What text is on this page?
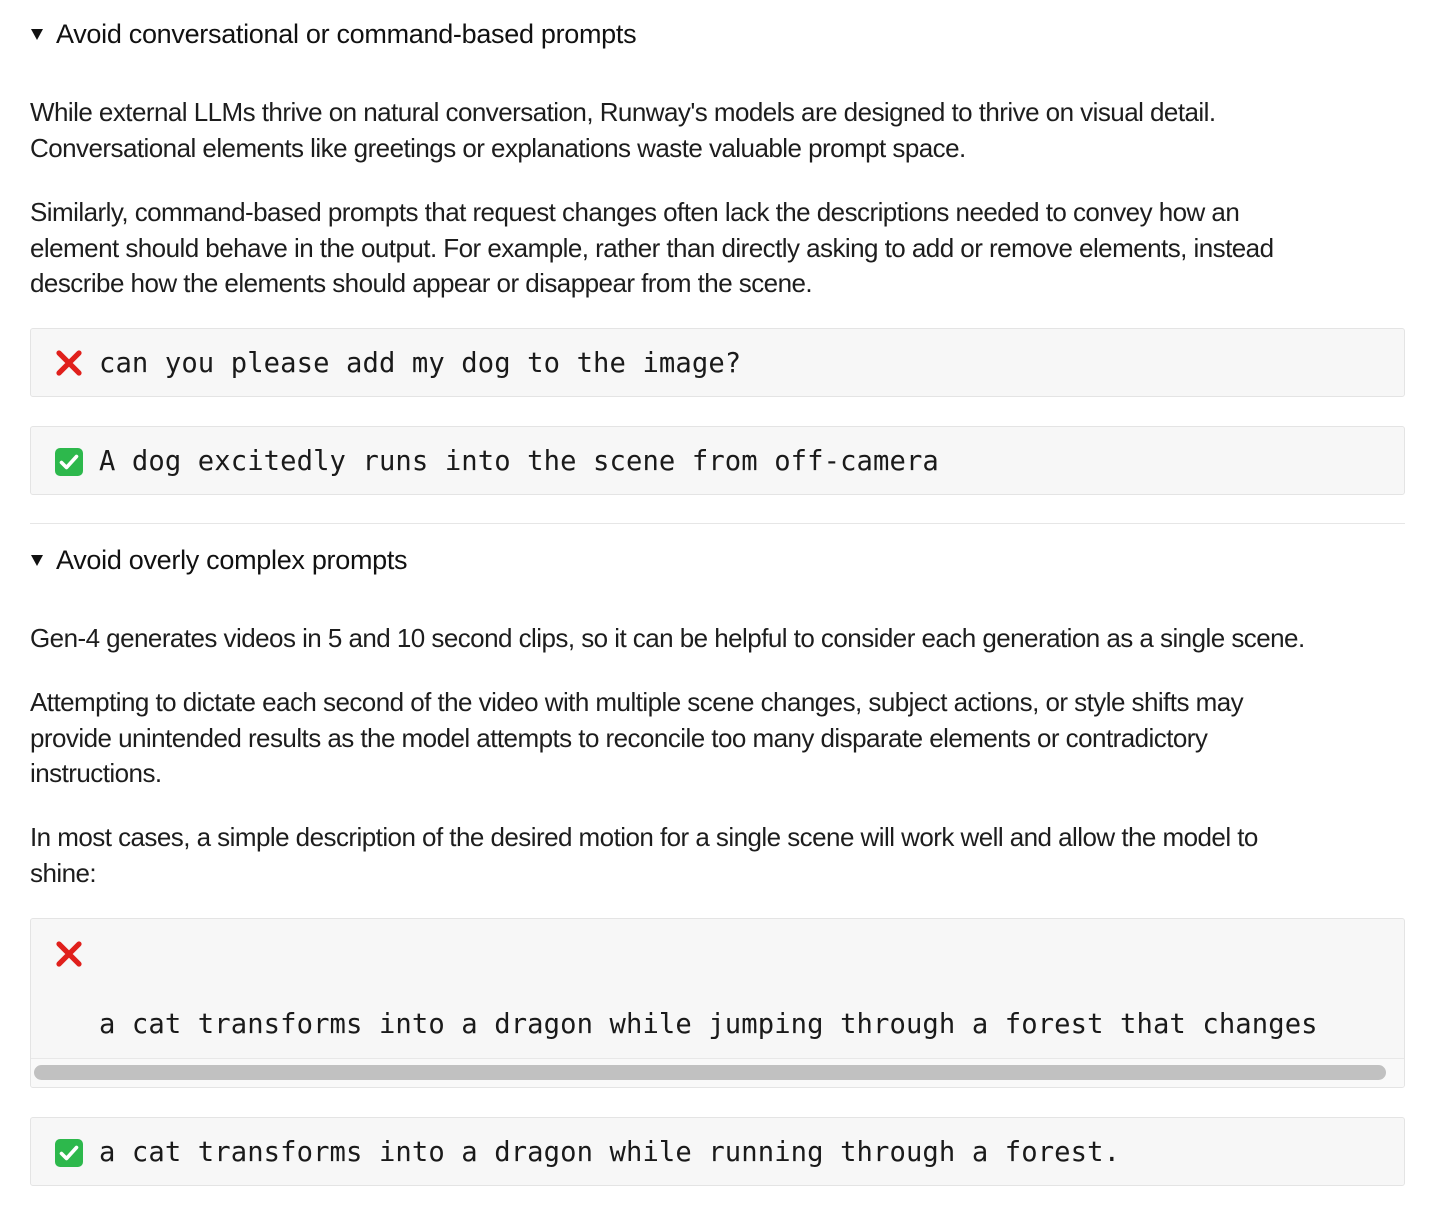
Avoid conversational or command-based prompts

While external LLMs thrive on natural conversation, Runway's models are designed to thrive on visual detail.
Conversational elements like greetings or explanations waste valuable prompt space.

Similarly, command-based prompts that request changes often lack the descriptions needed to convey how an
element should behave in the output. For example, rather than directly asking to add or remove elements, instead
describe how the elements should appear or disappear from the scene.

can you please add my dog to the image?
A dog excitedly runs into the scene from off-camera
Avoid overly complex prompts

Gen-4 generates videos in 5 and 10 second clips, so it can be helpful to consider each generation as a single scene.

Attempting to dictate each second of the video with multiple scene changes, subject actions, or style shifts may
provide unintended results as the model attempts to reconcile too many disparate elements or contradictory
instructions.

In most cases, a simple description of the desired motion for a single scene will work well and allow the model to
shine:

a cat transforms into a dragon while jumping through a forest that changes

a cat transforms into a dragon while running through a forest.
